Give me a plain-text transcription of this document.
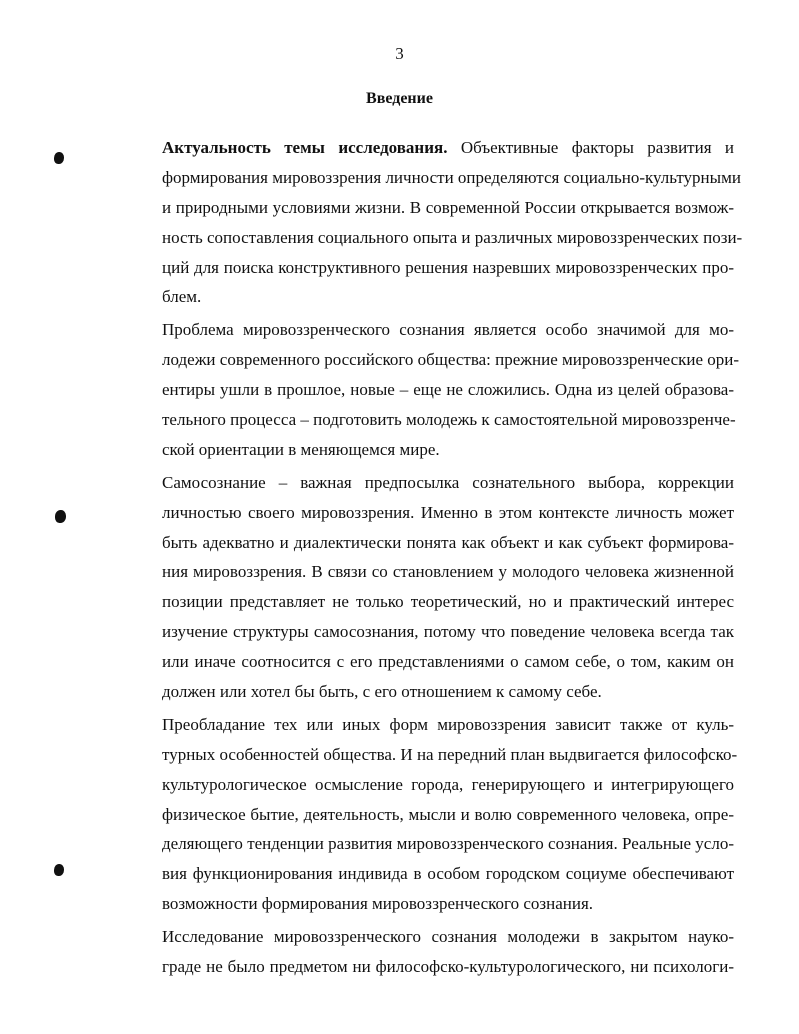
3
Введение
Актуальность темы исследования. Объективные факторы развития и
формирования мировоззрения личности определяются социально-культурными
и природными условиями жизни. В современной России открывается возмож-
ность сопоставления социального опыта и различных мировоззренческих пози-
ций для поиска конструктивного решения назревших мировоззренческих про-
блем.
Проблема мировоззренческого сознания является особо значимой для мо-
лодежи современного российского общества: прежние мировоззренческие ори-
ентиры ушли в прошлое, новые – еще не сложились. Одна из целей образова-
тельного процесса – подготовить молодежь к самостоятельной мировоззренче-
ской ориентации в меняющемся мире.
Самосознание – важная предпосылка сознательного выбора, коррекции
личностью своего мировоззрения. Именно в этом контексте личность может
быть адекватно и диалектически понята как объект и как субъект формирова-
ния мировоззрения. В связи со становлением у молодого человека жизненной
позиции представляет не только теоретический, но и практический интерес
изучение структуры самосознания, потому что поведение человека всегда так
или иначе соотносится с его представлениями о самом себе, о том, каким он
должен или хотел бы быть, с его отношением к самому себе.
Преобладание тех или иных форм мировоззрения зависит также от куль-
турных особенностей общества. И на передний план выдвигается философско-
культурологическое осмысление города, генерирующего и интегрирующего
физическое бытие, деятельность, мысли и волю современного человека, опре-
деляющего тенденции развития мировоззренческого сознания. Реальные усло-
вия функционирования индивида в особом городском социуме обеспечивают
возможности формирования мировоззренческого сознания.
Исследование мировоззренческого сознания молодежи в закрытом науко-
граде не было предметом ни философско-культурологического, ни психологи-
